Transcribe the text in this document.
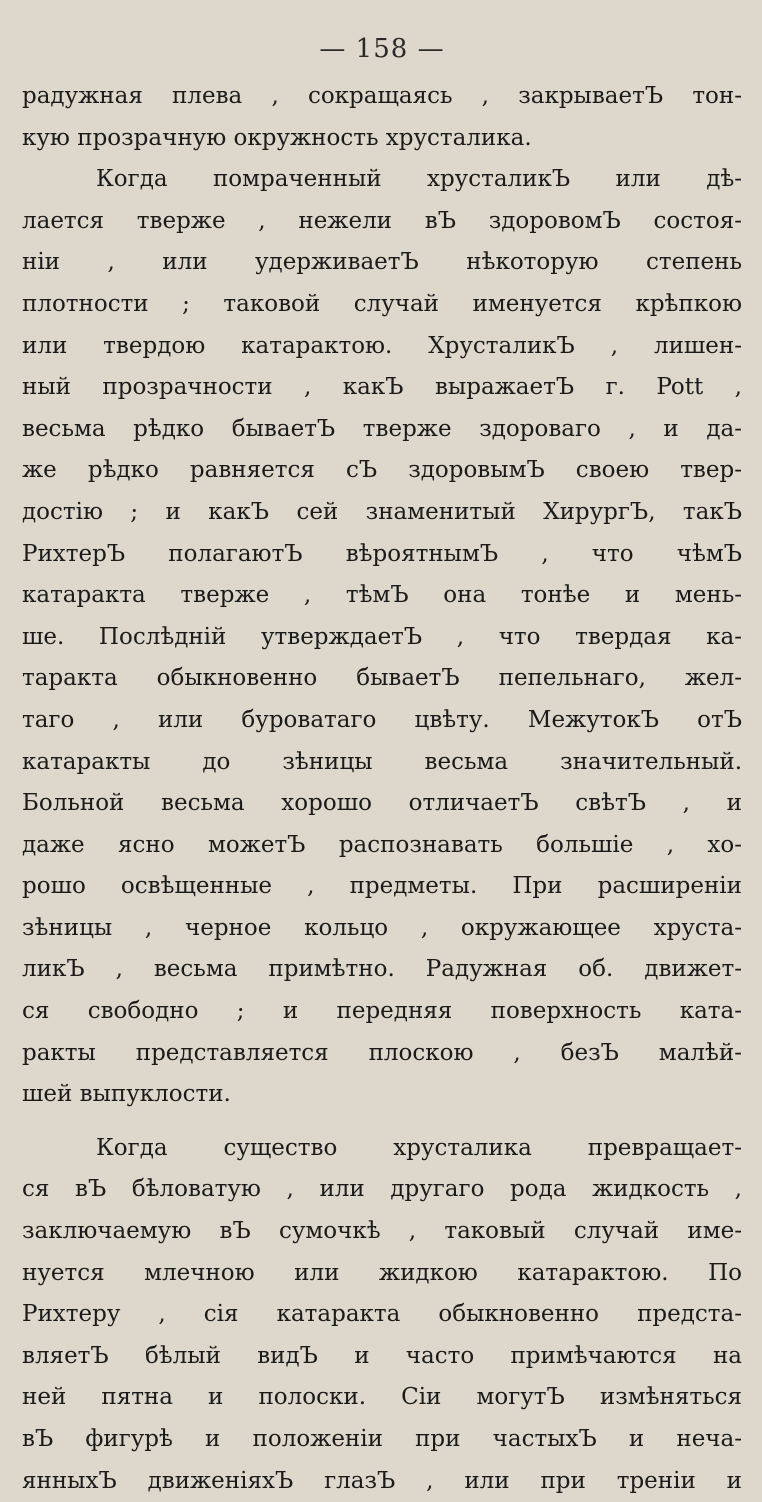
— 158 —
радужная плева , сокращаясь , закрываетЪ тон-
кую прозрачную окружность хрусталика.
Когда помраченный хрусталикЪ или дѣ-
лается тверже , нежели вЪ здоровомЪ состоя-
ніи , или удерживаетЪ нѣкоторую степень
плотности ; таковой случай именуется крѣпкою
или твердою катарактою. ХрусталикЪ , лишен-
ный прозрачности , какЪ выражаетЪ г. Pott ,
весьма рѣдко бываетЪ тверже здороваго , и да-
же рѣдко равняется сЪ здоровымЪ своею твер-
достію ; и какЪ сей знаменитый ХирургЪ, такЪ
РихтерЪ полагаютЪ вѣроятнымЪ , что чѣмЪ
катаракта тверже , тѣмЪ она тонѣе и мень-
ше. Послѣдній утверждаетЪ , что твердая ка-
таракта обыкновенно бываетЪ пепельнаго, жел-
таго , или буроватаго цвѣту. МежутокЪ отЪ
катаракты до зѣницы весьма значительный.
Больной весьма хорошо отличаетЪ свѣтЪ , и
даже ясно можетЪ распознавать большіе , хо-
рошо освѣщенные , предметы. При расширеніи
зѣницы , черное кольцо , окружающее хруста-
ликЪ , весьма примѣтно. Радужная об. движет-
ся свободно ; и передняя поверхность ката-
ракты представляется плоскою , безЪ малѣй-
шей выпуклости.
Когда существо хрусталика превращает-
ся вЪ бѣловатую , или другаго рода жидкость ,
заключаемую вЪ сумочкѣ , таковый случай име-
нуется млечною или жидкою катарактою. По
Рихтеру , сія катаракта обыкновенно предста-
вляетЪ бѣлый видЪ и часто примѣчаются на
ней пятна и полоски. Сіи могутЪ измѣняться
вЪ фигурѣ и положеніи при частыхЪ и неча-
янныхЪ движеніяхЪ глазЪ , или при треніи и
